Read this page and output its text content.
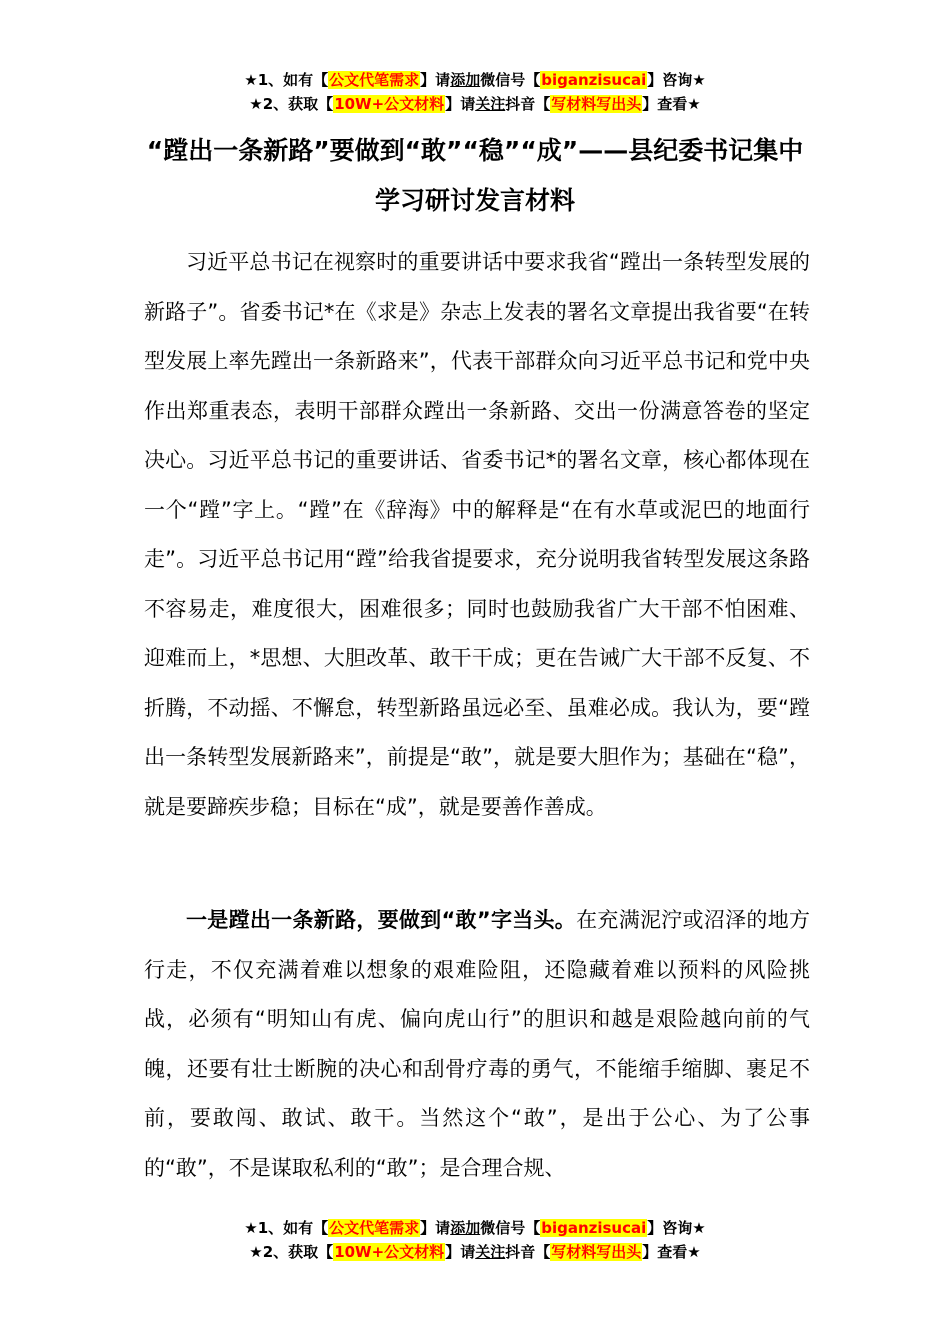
★1、如有【公文代笔需求】请添加微信号【biganzisucai】咨询★
★2、获取【10W+公文材料】请关注抖音【写材料写出头】查看★
“蹚出一条新路”要做到“敢”“稳”“成”——县纪委书记集中学习研讨发言材料

习近平总书记在视察时的重要讲话中要求我省“蹚出一条转型发展的新路子”。省委书记*在《求是》杂志上发表的署名文章提出我省要“在转型发展上率先蹚出一条新路来”，代表干部群众向习近平总书记和党中央作出郑重表态，表明干部群众蹚出一条新路、交出一份满意答卷的坚定决心。习近平总书记的重要讲话、省委书记*的署名文章，核心都体现在一个“蹚”字上。“蹚”在《辞海》中的解释是“在有水草或泥巴的地面行走”。习近平总书记用“蹚”给我省提要求，充分说明我省转型发展这条路不容易走，难度很大，困难很多；同时也鼓励我省广大干部不怕困难、迎难而上，*思想、大胆改革、敢干干成；更在告诫广大干部不反复、不折腾，不动摇、不懈怠，转型新路虽远必至、虽难必成。我认为，要“蹚出一条转型发展新路来”，前提是“敢”，就是要大胆作为；基础在“稳”，就是要蹄疾步稳；目标在“成”，就是要善作善成。

一是蹚出一条新路，要做到“敢”字当头。在充满泥泞或沼泽的地方行走，不仅充满着难以想象的艰难险阻，还隐藏着难以预料的风险挑战，必须有“明知山有虎、偏向虎山行”的胆识和越是艰险越向前的气魄，还要有壮士断腕的决心和刮骨疗毒的勇气，不能缩手缩脚、裹足不前，要敢闯、敢试、敢干。当然这个“敢”，是出于公心、为了公事的“敢”，不是谋取私利的“敢”；是合理合规、

★1、如有【公文代笔需求】请添加微信号【biganzisucai】咨询★
★2、获取【10W+公文材料】请关注抖音【写材料写出头】查看★
